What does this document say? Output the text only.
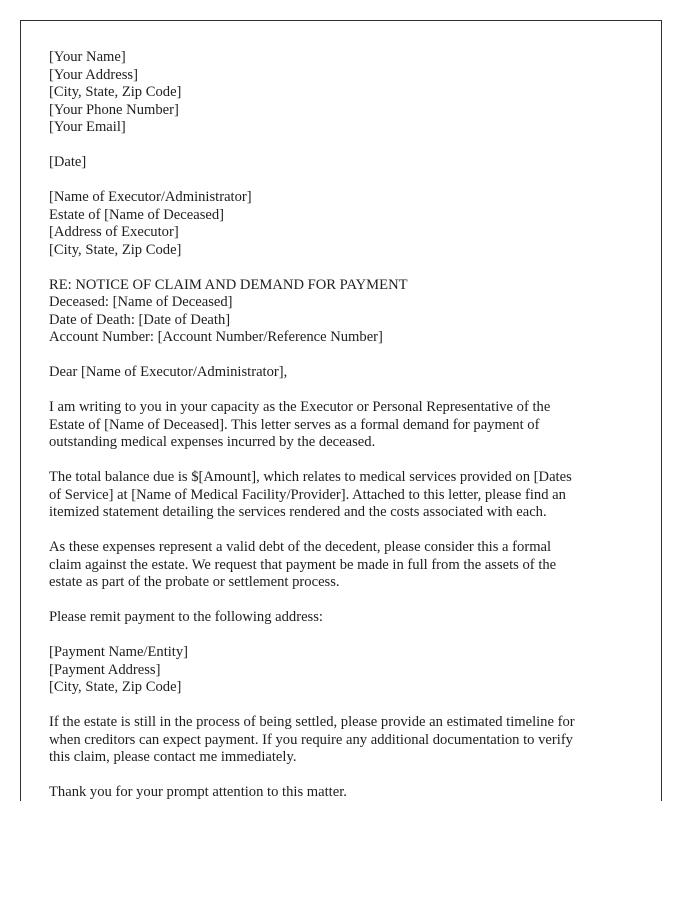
[Your Name]
[Your Address]
[City, State, Zip Code]
[Your Phone Number]
[Your Email]
[Date]
[Name of Executor/Administrator]
Estate of [Name of Deceased]
[Address of Executor]
[City, State, Zip Code]
RE: NOTICE OF CLAIM AND DEMAND FOR PAYMENT
Deceased: [Name of Deceased]
Date of Death: [Date of Death]
Account Number: [Account Number/Reference Number]
Dear [Name of Executor/Administrator],
I am writing to you in your capacity as the Executor or Personal Representative of the
Estate of [Name of Deceased]. This letter serves as a formal demand for payment of
outstanding medical expenses incurred by the deceased.
The total balance due is $[Amount], which relates to medical services provided on [Dates
of Service] at [Name of Medical Facility/Provider]. Attached to this letter, please find an
itemized statement detailing the services rendered and the costs associated with each.
As these expenses represent a valid debt of the decedent, please consider this a formal
claim against the estate. We request that payment be made in full from the assets of the
estate as part of the probate or settlement process.
Please remit payment to the following address:
[Payment Name/Entity]
[Payment Address]
[City, State, Zip Code]
If the estate is still in the process of being settled, please provide an estimated timeline for
when creditors can expect payment. If you require any additional documentation to verify
this claim, please contact me immediately.
Thank you for your prompt attention to this matter.
